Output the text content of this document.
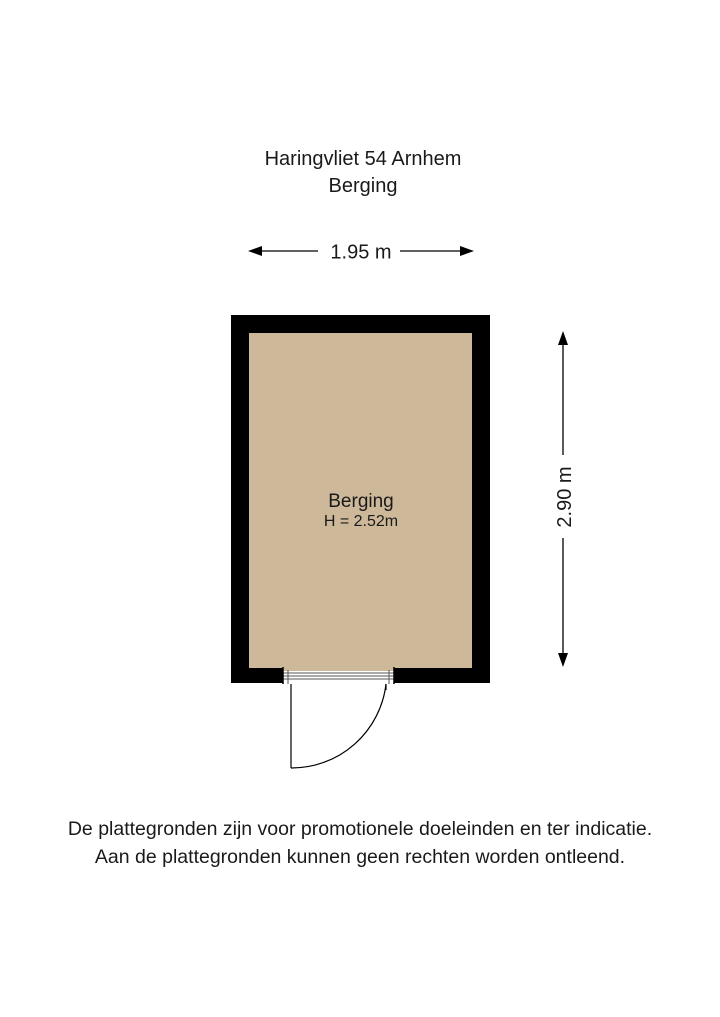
Haringvliet 54 Arnhem
Berging
1.95 m
Berging
H = 2.52m	2.90 m
De plattegronden zijn voor promotionele doeleinden en ter indicatie.
Aan de plattegronden kunnen geen rechten worden ontleend.
